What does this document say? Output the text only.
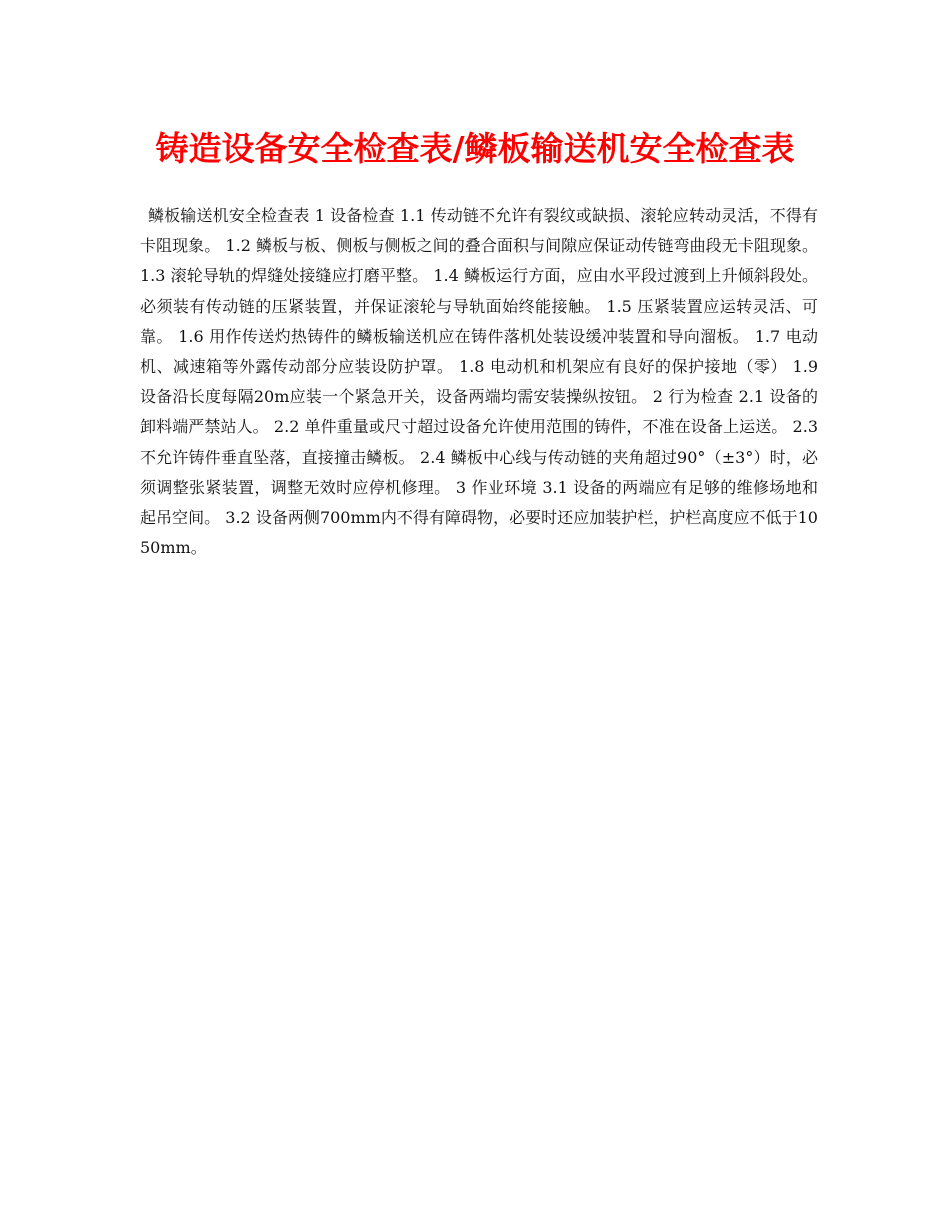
铸造设备安全检查表/鳞板输送机安全检查表

鳞板输送机安全检查表 1 设备检查 1.1 传动链不允许有裂纹或缺损、滚轮应转动灵活，不得有卡阻现象。 1.2 鳞板与板、侧板与侧板之间的叠合面积与间隙应保证动传链弯曲段无卡阻现象。 1.3 滚轮导轨的焊缝处接缝应打磨平整。 1.4 鳞板运行方面，应由水平段过渡到上升倾斜段处。必须装有传动链的压紧装置，并保证滚轮与导轨面始终能接触。 1.5 压紧装置应运转灵活、可靠。 1.6 用作传送灼热铸件的鳞板输送机应在铸件落机处装设缓冲装置和导向溜板。 1.7 电动机、减速箱等外露传动部分应装设防护罩。 1.8 电动机和机架应有良好的保护接地（零） 1.9 设备沿长度每隔20m应装一个紧急开关，设备两端均需安装操纵按钮。 2 行为检查 2.1 设备的卸料端严禁站人。 2.2 单件重量或尺寸超过设备允许使用范围的铸件，不准在设备上运送。 2.3 不允许铸件垂直坠落，直接撞击鳞板。 2.4 鳞板中心线与传动链的夹角超过90°（±3°）时，必须调整张紧装置，调整无效时应停机修理。 3 作业环境 3.1 设备的两端应有足够的维修场地和起吊空间。 3.2 设备两侧700mm内不得有障碍物，必要时还应加装护栏，护栏高度应不低于1050mm。
